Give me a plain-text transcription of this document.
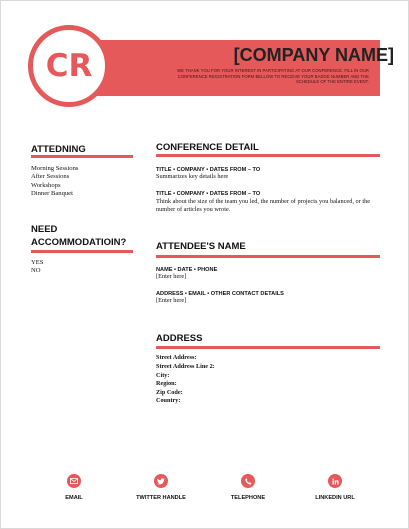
CR	[COMPANY NAME]
WE THANK YOU FOR YOUR INTEREST IN PARTICIPATING AT OUR CONFERENCE. FILL IN OUR CONFERENCE REGISTRATION FORM BELLOW TO RECEIVE YOUR BADGE NUMBER AND THE SCHEDULE OF THE ENTIRE EVENT.
ATTEDNING
Morning Sessions
After Sessions
Workshops
Dinner Banquet
NEED
ACCOMMODATIOIN?
YES
NO
CONFERENCE DETAIL
TITLE • COMPANY • DATES FROM – TO
Summarizes key details here
TITLE • COMPANY • DATES FROM – TO
Think about the size of the team you led, the number of projects you balanced, or the number of articles you wrote.
ATTENDEE'S NAME
NAME • DATE • PHONE
[Enter here]
ADDRESS • EMAIL • OTHER CONTACT DETAILS
[Enter here]
ADDRESS
Street Address:
Street Address Line 2:
City:
Region:
Zip Code:
Country:
EMAIL	TWITTER HANDLE	TELEPHONE	LINKEDIN URL
